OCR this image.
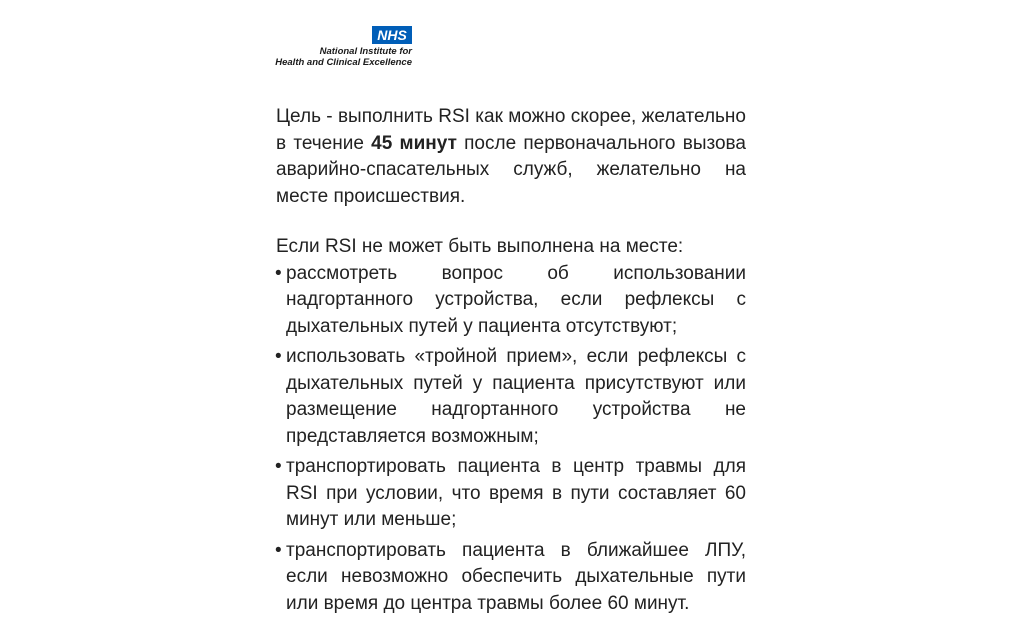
NHS
National Institute for
Health and Clinical Excellence

Цель - выполнить RSI как можно скорее, желательно в течение 45 минут после первоначального вызова аварийно-спасательных служб, желательно на месте происшествия.

Если RSI не может быть выполнена на месте:

• рассмотреть вопрос об использовании надгортанного устройства, если рефлексы с дыхательных путей у пациента отсутствуют;
• использовать «тройной прием», если рефлексы с дыхательных путей у пациента присутствуют или размещение надгортанного устройства не представляется возможным;
• транспортировать пациента в центр травмы для RSI при условии, что время в пути составляет 60 минут или меньше;
• транспортировать пациента в ближайшее ЛПУ, если невозможно обеспечить дыхательные пути или время до центра травмы более 60 минут.
